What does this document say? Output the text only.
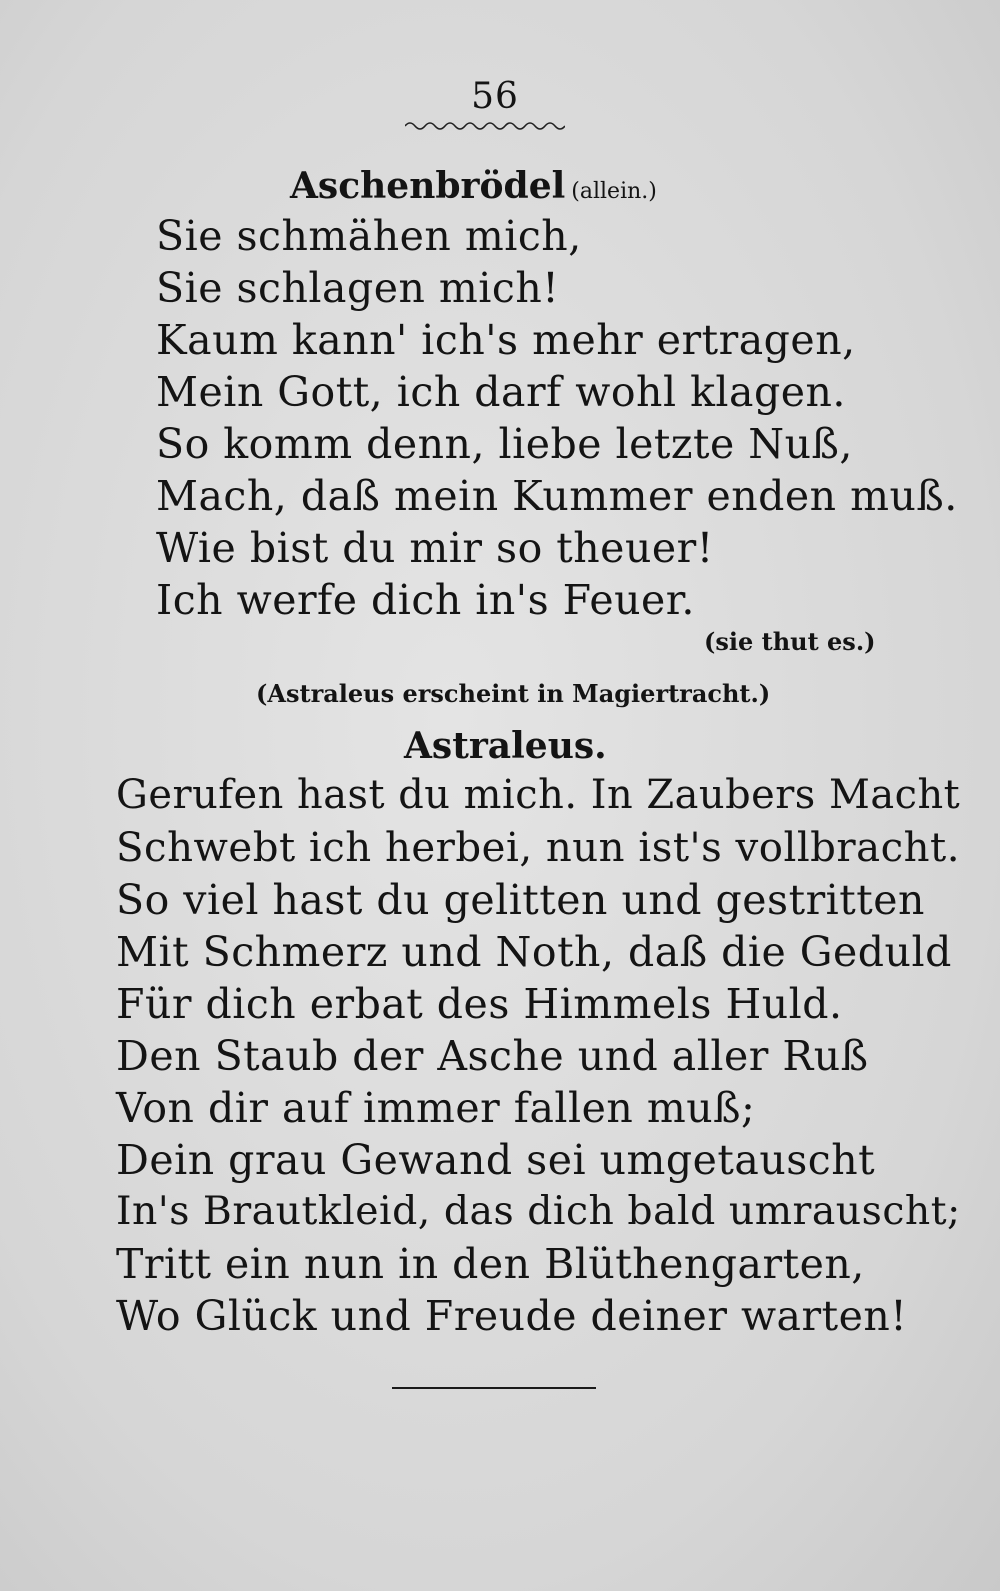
56
Aschenbrödel (allein.)
Sie schmähen mich,
Sie schlagen mich!
Kaum kann' ich's mehr ertragen,
Mein Gott, ich darf wohl klagen.
So komm denn, liebe letzte Nuß,
Mach, daß mein Kummer enden muß.
Wie bist du mir so theuer!
Ich werfe dich in's Feuer.
(sie thut es.)
(Astraleus erscheint in Magiertracht.)
Astraleus.
Gerufen hast du mich. In Zaubers Macht
Schwebt ich herbei, nun ist's vollbracht.
So viel hast du gelitten und gestritten
Mit Schmerz und Noth, daß die Geduld
Für dich erbat des Himmels Huld.
Den Staub der Asche und aller Ruß
Von dir auf immer fallen muß;
Dein grau Gewand sei umgetauscht
In's Brautkleid, das dich bald umrauscht;
Tritt ein nun in den Blüthengarten,
Wo Glück und Freude deiner warten!
